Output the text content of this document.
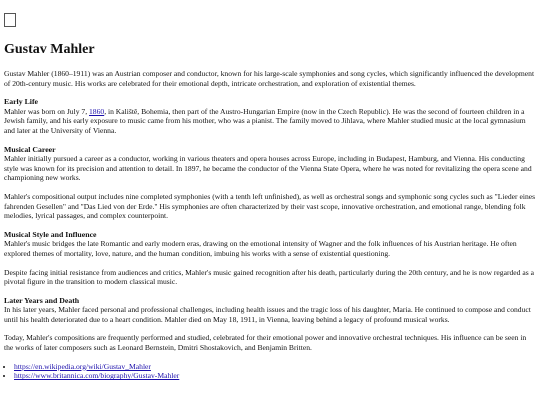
Gustav Mahler

Gustav Mahler (1860–1911) was an Austrian composer and conductor, known for his large-scale symphonies and song cycles, which significantly influenced the development of 20th-century music. His works are celebrated for their emotional depth, intricate orchestration, and exploration of existential themes.

Early Life

Mahler was born on July 7, 1860, in Kaliště, Bohemia, then part of the Austro-Hungarian Empire (now in the Czech Republic). He was the second of fourteen children in a Jewish family, and his early exposure to music came from his mother, who was a pianist. The family moved to Jihlava, where Mahler studied music at the local gymnasium and later at the University of Vienna.

Musical Career

Mahler initially pursued a career as a conductor, working in various theaters and opera houses across Europe, including in Budapest, Hamburg, and Vienna. His conducting style was known for its precision and attention to detail. In 1897, he became the conductor of the Vienna State Opera, where he was noted for revitalizing the opera scene and championing new works.

Mahler's compositional output includes nine completed symphonies (with a tenth left unfinished), as well as orchestral songs and symphonic song cycles such as "Lieder eines fahrenden Gesellen" and "Das Lied von der Erde." His symphonies are often characterized by their vast scope, innovative orchestration, and emotional range, blending folk melodies, lyrical passages, and complex counterpoint.

Musical Style and Influence

Mahler's music bridges the late Romantic and early modern eras, drawing on the emotional intensity of Wagner and the folk influences of his Austrian heritage. He often explored themes of mortality, love, nature, and the human condition, imbuing his works with a sense of existential questioning.

Despite facing initial resistance from audiences and critics, Mahler's music gained recognition after his death, particularly during the 20th century, and he is now regarded as a pivotal figure in the transition to modern classical music.

Later Years and Death

In his later years, Mahler faced personal and professional challenges, including health issues and the tragic loss of his daughter, Maria. He continued to compose and conduct until his health deteriorated due to a heart condition. Mahler died on May 18, 1911, in Vienna, leaving behind a legacy of profound musical works.

Today, Mahler's compositions are frequently performed and studied, celebrated for their emotional power and innovative orchestral techniques. His influence can be seen in the works of later composers such as Leonard Bernstein, Dmitri Shostakovich, and Benjamin Britten.

• https://en.wikipedia.org/wiki/Gustav_Mahler
• https://www.britannica.com/biography/Gustav-Mahler
